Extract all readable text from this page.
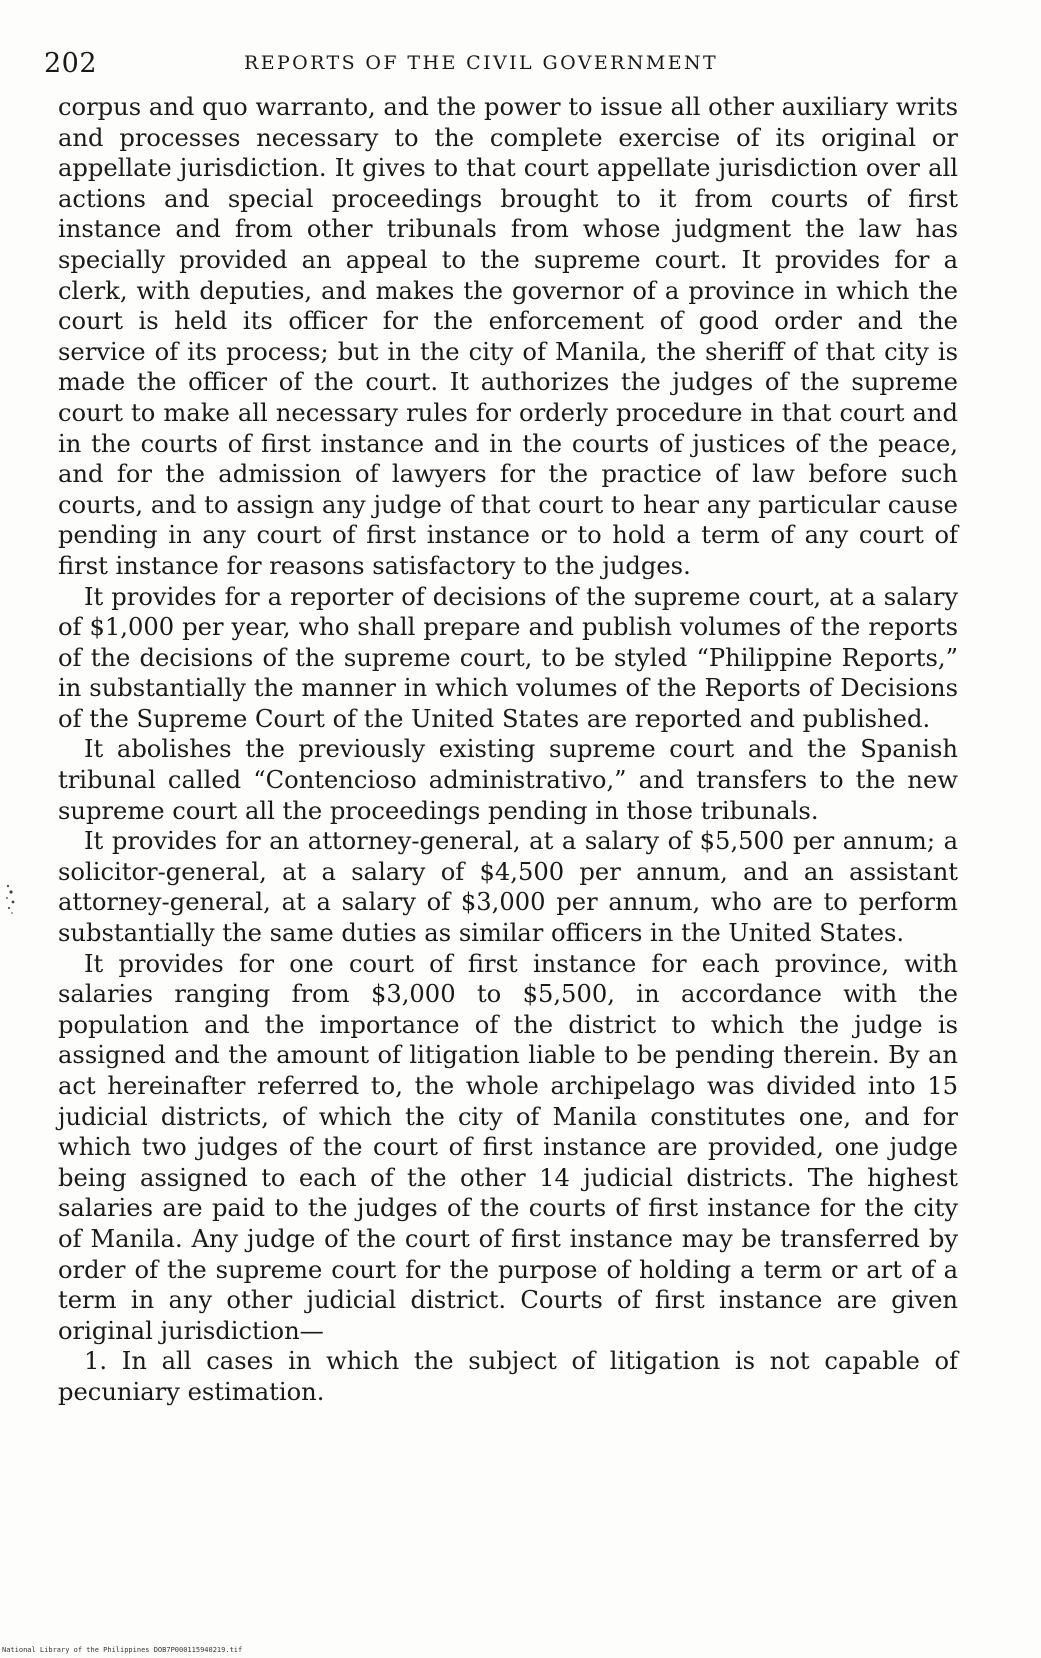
202	REPORTS OF THE CIVIL GOVERNMENT

corpus and quo warranto, and the power to issue all other auxiliary writs and processes necessary to the complete exercise of its original or appellate jurisdiction. It gives to that court appellate jurisdiction over all actions and special proceedings brought to it from courts of first instance and from other tribunals from whose judgment the law has specially provided an appeal to the supreme court. It provides for a clerk, with deputies, and makes the governor of a province in which the court is held its officer for the enforcement of good order and the service of its process; but in the city of Manila, the sheriff of that city is made the officer of the court. It authorizes the judges of the supreme court to make all necessary rules for orderly procedure in that court and in the courts of first instance and in the courts of justices of the peace, and for the admission of lawyers for the practice of law before such courts, and to assign any judge of that court to hear any particular cause pending in any court of first instance or to hold a term of any court of first instance for reasons satisfactory to the judges.

It provides for a reporter of decisions of the supreme court, at a salary of $1,000 per year, who shall prepare and publish volumes of the reports of the decisions of the supreme court, to be styled “Philippine Reports,” in substantially the manner in which volumes of the Reports of Decisions of the Supreme Court of the United States are reported and published.

It abolishes the previously existing supreme court and the Spanish tribunal called “Contencioso administrativo,” and transfers to the new supreme court all the proceedings pending in those tribunals.

It provides for an attorney-general, at a salary of $5,500 per annum; a solicitor-general, at a salary of $4,500 per annum, and an assistant attorney-general, at a salary of $3,000 per annum, who are to perform substantially the same duties as similar officers in the United States.

It provides for one court of first instance for each province, with salaries ranging from $3,000 to $5,500, in accordance with the population and the importance of the district to which the judge is assigned and the amount of litigation liable to be pending therein. By an act hereinafter referred to, the whole archipelago was divided into 15 judicial districts, of which the city of Manila constitutes one, and for which two judges of the court of first instance are provided, one judge being assigned to each of the other 14 judicial districts. The highest salaries are paid to the judges of the courts of first instance for the city of Manila. Any judge of the court of first instance may be transferred by order of the supreme court for the purpose of holding a term or art of a term in any other judicial district. Courts of first instance are given original jurisdiction—

1. In all cases in which the subject of litigation is not capable of pecuniary estimation.

National Library of the Philippines DOB7P000115940219.tif
